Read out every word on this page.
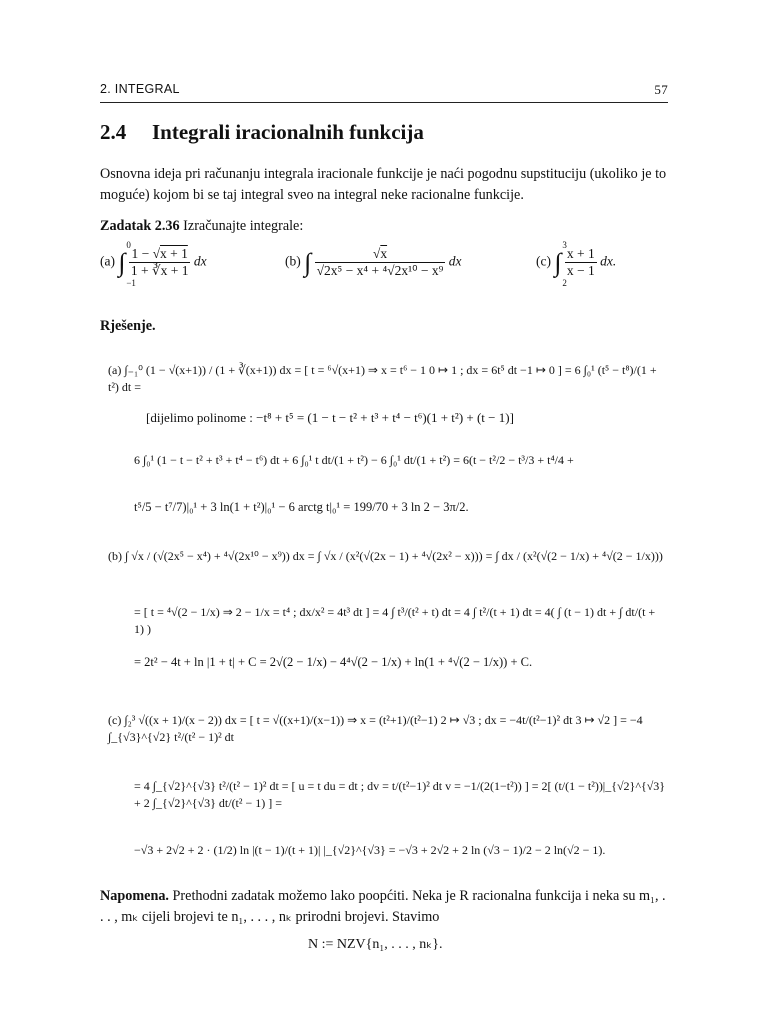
2. INTEGRAL	57
2.4 Integrali iracionalnih funkcija
Osnovna ideja pri računanju integrala iracionale funkcije je naći pogodnu supstituciju (ukoliko je to moguće) kojom bi se taj integral sveo na integral neke racionalne funkcije.
Zadatak 2.36 Izračunajte integrale:
(a) ∫
0
−1

$\frac{1 - √x + 1}{1 + ∛x + 1}$ dx	(b) ∫ $\frac{√x}{\text{√2x⁵ − x⁴ + ⁴√2x¹⁰ − x⁹}}$ dx	(c) ∫
3
2

$\frac{x + 1}{x - 1}$ dx.
Rješenje.
(a) ∫₋₁⁰ (1 − √(x+1)) / (1 + ∛(x+1)) dx = [ t = ⁶√(x+1) ⇒ x = t⁶ − 1 0 ↦ 1 ; dx = 6t⁵ dt −1 ↦ 0 ] = 6 ∫₀¹ (t⁵ − t⁸)/(1 + t²) dt =
[dijelimo polinome : −t⁸ + t⁵ = (1 − t − t² + t³ + t⁴ − t⁶)(1 + t²) + (t − 1)]
6 ∫₀¹ (1 − t − t² + t³ + t⁴ − t⁶) dt + 6 ∫₀¹ t dt/(1 + t²) − 6 ∫₀¹ dt/(1 + t²) = 6(t − t²/2 − t³/3 + t⁴/4 +
t⁵/5 − t⁷/7)|₀¹ + 3 ln(1 + t²)|₀¹ − 6 arctg t|₀¹ = 199/70 + 3 ln 2 − 3π/2.
(b) ∫ √x / (√(2x⁵ − x⁴) + ⁴√(2x¹⁰ − x⁹)) dx = ∫ √x / (x²(√(2x − 1) + ⁴√(2x² − x))) = ∫ dx / (x²(√(2 − 1/x) + ⁴√(2 − 1/x)))
= [ t = ⁴√(2 − 1/x) ⇒ 2 − 1/x = t⁴ ; dx/x² = 4t³ dt ] = 4 ∫ t³/(t² + t) dt = 4 ∫ t²/(t + 1) dt = 4( ∫ (t − 1) dt + ∫ dt/(t + 1) )
= 2t² − 4t + ln |1 + t| + C = 2√(2 − 1/x) − 4⁴√(2 − 1/x) + ln(1 + ⁴√(2 − 1/x)) + C.
(c) ∫₂³ √((x + 1)/(x − 2)) dx = [ t = √((x+1)/(x−1)) ⇒ x = (t²+1)/(t²−1) 2 ↦ √3 ; dx = −4t/(t²−1)² dt 3 ↦ √2 ] = −4 ∫_{√3}^{√2} t²/(t² − 1)² dt
= 4 ∫_{√2}^{√3} t²/(t² − 1)² dt = [ u = t du = dt ; dv = t/(t²−1)² dt v = −1/(2(1−t²)) ] = 2[ (t/(1 − t²))|_{√2}^{√3} + 2 ∫_{√2}^{√3} dt/(t² − 1) ] =
−√3 + 2√2 + 2 · (1/2) ln |(t − 1)/(t + 1)| |_{√2}^{√3} = −√3 + 2√2 + 2 ln (√3 − 1)/2 − 2 ln(√2 − 1).
Napomena. Prethodni zadatak možemo lako poopćiti. Neka je R racionalna funkcija i neka su m₁, . . . , mₖ cijeli brojevi te n₁, . . . , nₖ prirodni brojevi. Stavimo
N := NZV{n₁, . . . , nₖ}.
